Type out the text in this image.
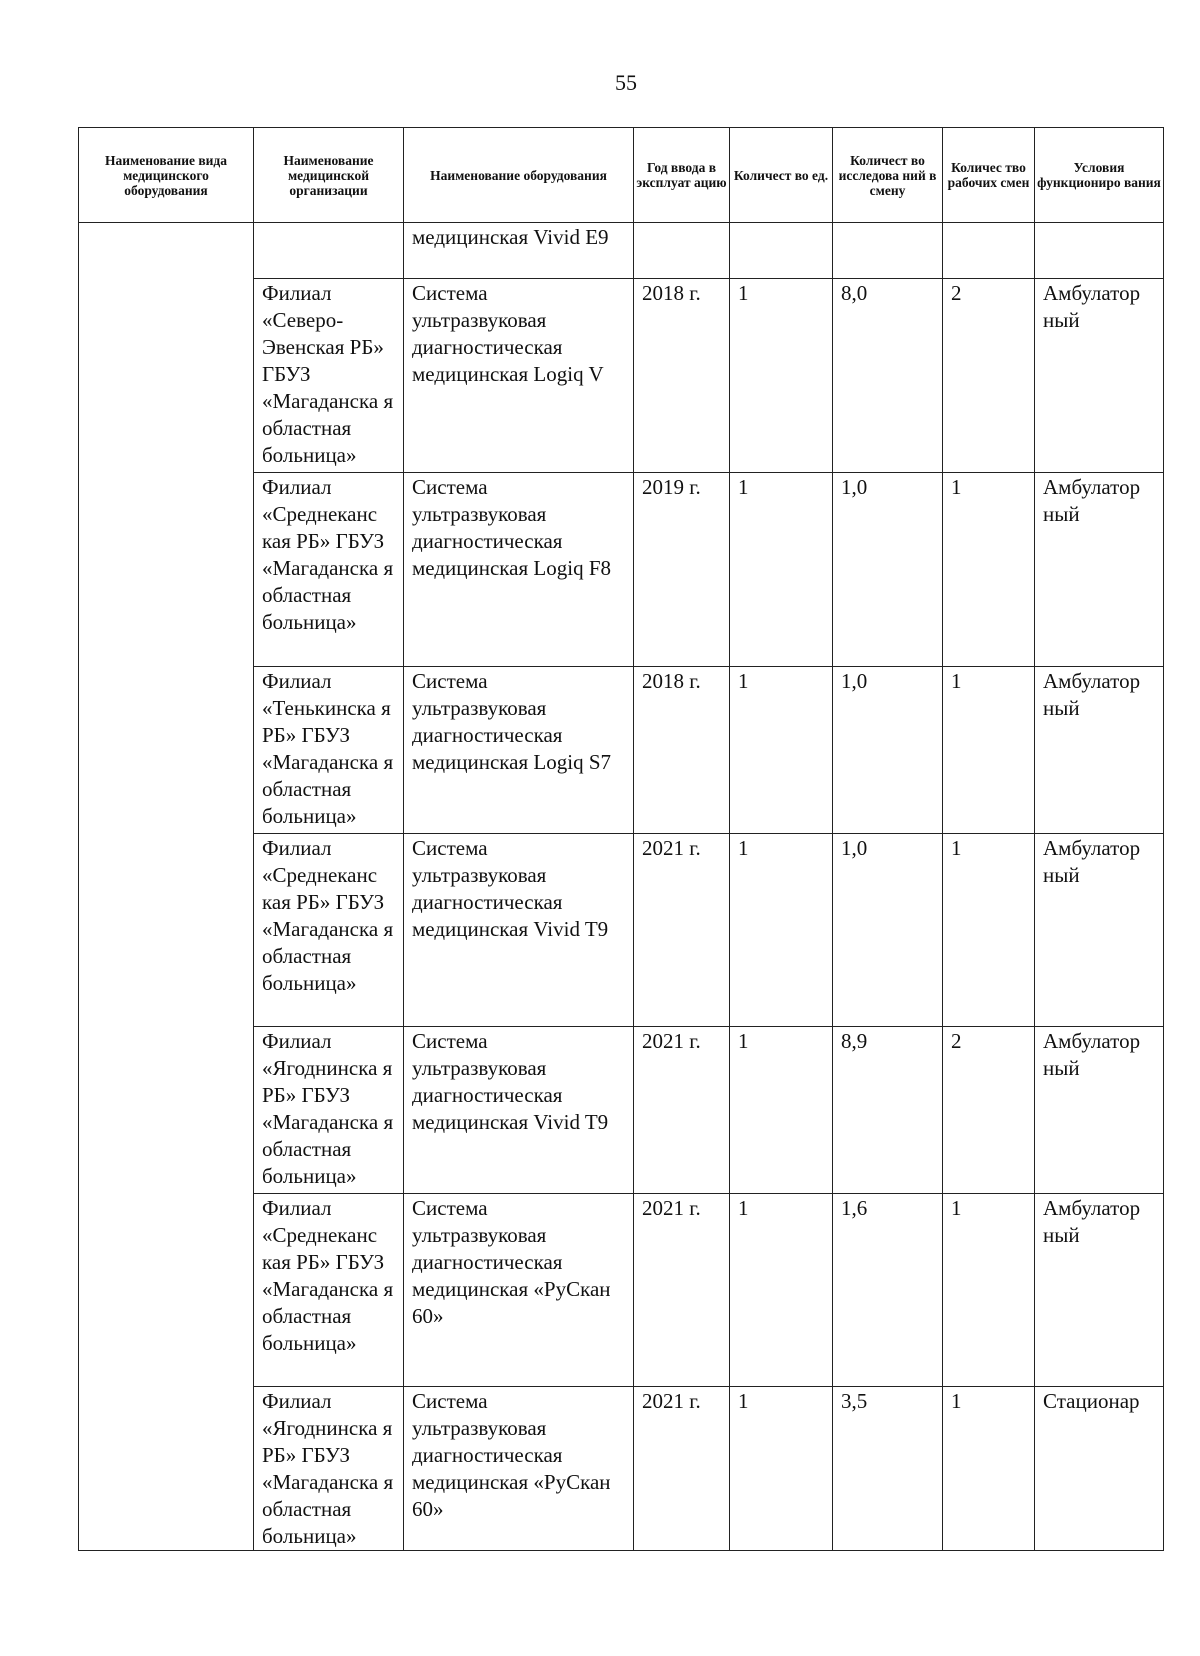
55
Наименование вида медицинского оборудования	Наименование медицинской организации	Наименование оборудования	Год ввода в эксплуат ацию	Количест во ед.	Количест во исследова ний в смену	Количес тво рабочих смен	Условия функциониро вания
		медицинская Vivid E9					
	Филиал «Северо-Эвенская РБ» ГБУЗ «Магаданска я областная больница»	Система ультразвуковая диагностическая медицинская Logiq V	2018 г.	1	8,0	2	Амбулатор ный
	Филиал «Среднеканс кая РБ» ГБУЗ «Магаданска я областная больница»	Система ультразвуковая диагностическая медицинская Logiq F8	2019 г.	1	1,0	1	Амбулатор ный
	Филиал «Тенькинска я РБ» ГБУЗ «Магаданска я областная больница»	Система ультразвуковая диагностическая медицинская Logiq S7	2018 г.	1	1,0	1	Амбулатор ный
	Филиал «Среднеканс кая РБ» ГБУЗ «Магаданска я областная больница»	Система ультразвуковая диагностическая медицинская Vivid T9	2021 г.	1	1,0	1	Амбулатор ный
	Филиал «Ягоднинска я РБ» ГБУЗ «Магаданска я областная больница»	Система ультразвуковая диагностическая медицинская Vivid T9	2021 г.	1	8,9	2	Амбулатор ный
	Филиал «Среднеканс кая РБ» ГБУЗ «Магаданска я областная больница»	Система ультразвуковая диагностическая медицинская «РуСкан 60»	2021 г.	1	1,6	1	Амбулатор ный
	Филиал «Ягоднинска я РБ» ГБУЗ «Магаданска я областная больница»	Система ультразвуковая диагностическая медицинская «РуСкан 60»	2021 г.	1	3,5	1	Стационар
